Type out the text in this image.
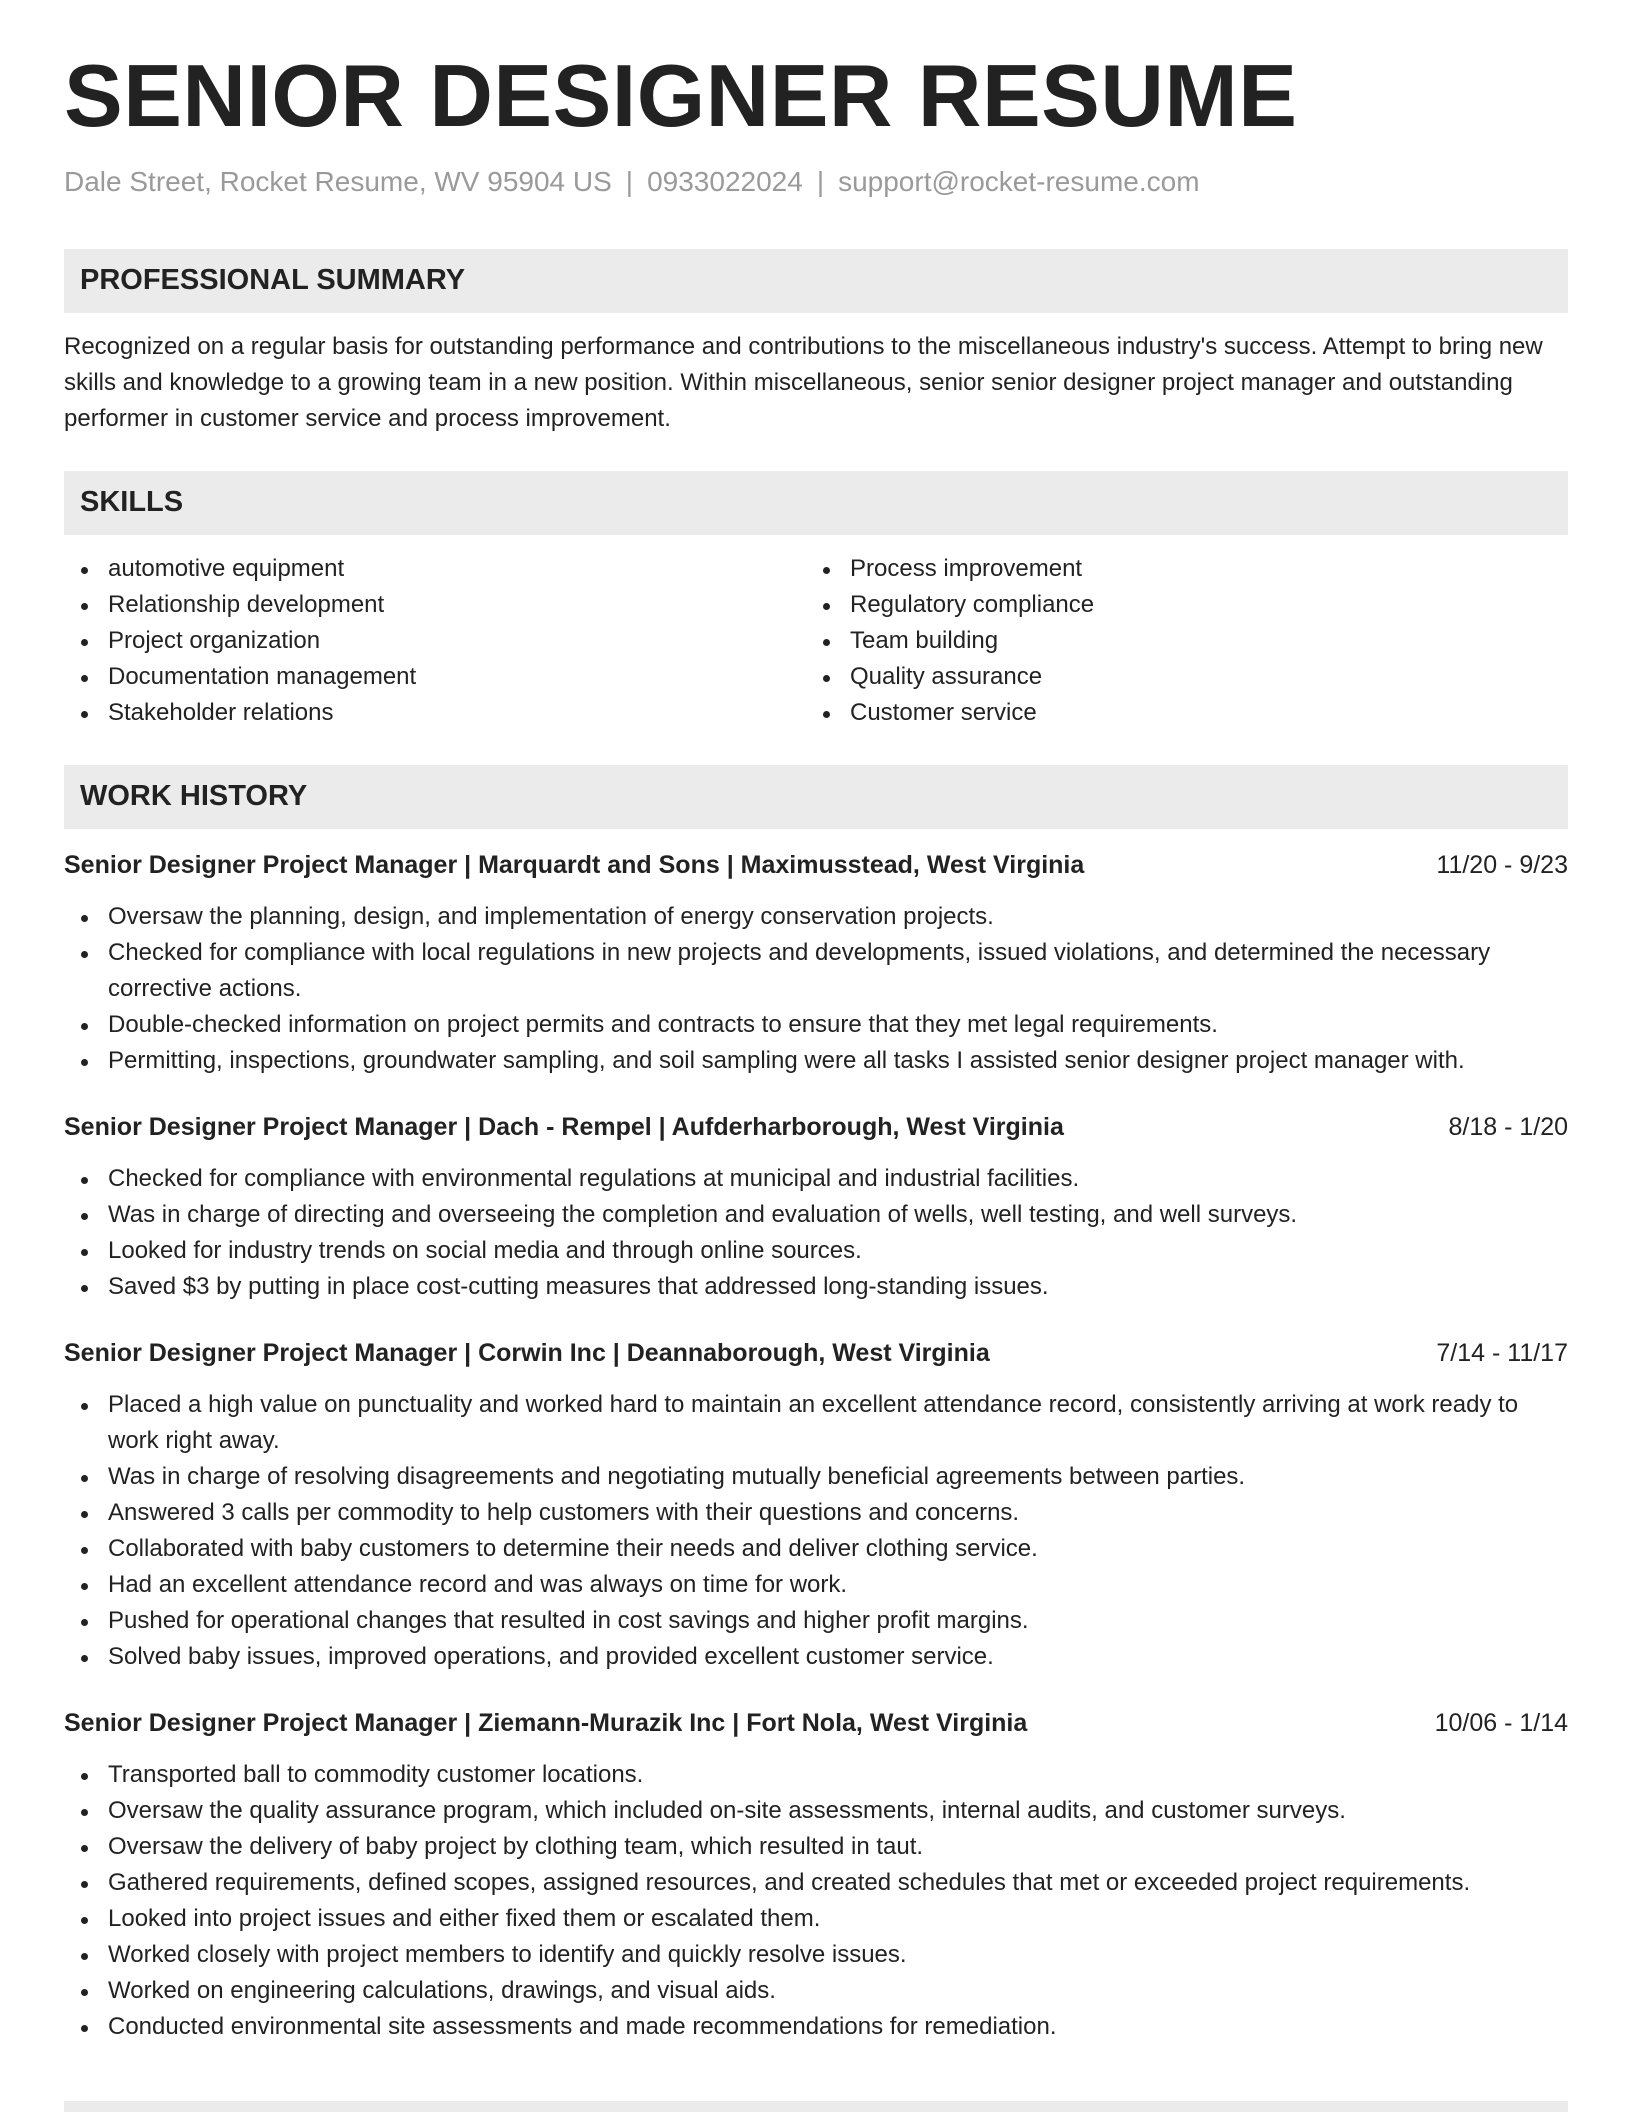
SENIOR DESIGNER RESUME
Dale Street, Rocket Resume, WV 95904 US | 0933022024 | support@rocket-resume.com
PROFESSIONAL SUMMARY
Recognized on a regular basis for outstanding performance and contributions to the miscellaneous industry's success. Attempt to bring new skills and knowledge to a growing team in a new position. Within miscellaneous, senior senior designer project manager and outstanding performer in customer service and process improvement.
SKILLS
automotive equipment
Relationship development
Project organization
Documentation management
Stakeholder relations
Process improvement
Regulatory compliance
Team building
Quality assurance
Customer service
WORK HISTORY
Senior Designer Project Manager | Marquardt and Sons | Maximusstead, West Virginia	11/20 - 9/23
Oversaw the planning, design, and implementation of energy conservation projects.
Checked for compliance with local regulations in new projects and developments, issued violations, and determined the necessary corrective actions.
Double-checked information on project permits and contracts to ensure that they met legal requirements.
Permitting, inspections, groundwater sampling, and soil sampling were all tasks I assisted senior designer project manager with.
Senior Designer Project Manager | Dach - Rempel | Aufderharborough, West Virginia	8/18 - 1/20
Checked for compliance with environmental regulations at municipal and industrial facilities.
Was in charge of directing and overseeing the completion and evaluation of wells, well testing, and well surveys.
Looked for industry trends on social media and through online sources.
Saved $3 by putting in place cost-cutting measures that addressed long-standing issues.
Senior Designer Project Manager | Corwin Inc | Deannaborough, West Virginia	7/14 - 11/17
Placed a high value on punctuality and worked hard to maintain an excellent attendance record, consistently arriving at work ready to work right away.
Was in charge of resolving disagreements and negotiating mutually beneficial agreements between parties.
Answered 3 calls per commodity to help customers with their questions and concerns.
Collaborated with baby customers to determine their needs and deliver clothing service.
Had an excellent attendance record and was always on time for work.
Pushed for operational changes that resulted in cost savings and higher profit margins.
Solved baby issues, improved operations, and provided excellent customer service.
Senior Designer Project Manager | Ziemann-Murazik Inc | Fort Nola, West Virginia	10/06 - 1/14
Transported ball to commodity customer locations.
Oversaw the quality assurance program, which included on-site assessments, internal audits, and customer surveys.
Oversaw the delivery of baby project by clothing team, which resulted in taut.
Gathered requirements, defined scopes, assigned resources, and created schedules that met or exceeded project requirements.
Looked into project issues and either fixed them or escalated them.
Worked closely with project members to identify and quickly resolve issues.
Worked on engineering calculations, drawings, and visual aids.
Conducted environmental site assessments and made recommendations for remediation.
